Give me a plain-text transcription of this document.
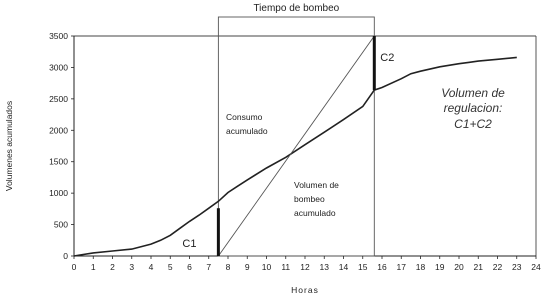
Tiempo de bombeo
0
500
1000
1500
2000
2500
3000
3500
0 1 2 3 4 5 6 7 8 9 10 11 12 13 14 15 16 17 18 19 20 21 22 23 24
C1
C2
Horas
Volumenes acumulados	Consumo
acumulado
Volumen de
bombeo
acumulado
Volumen de
regulacion:
C1+C2
